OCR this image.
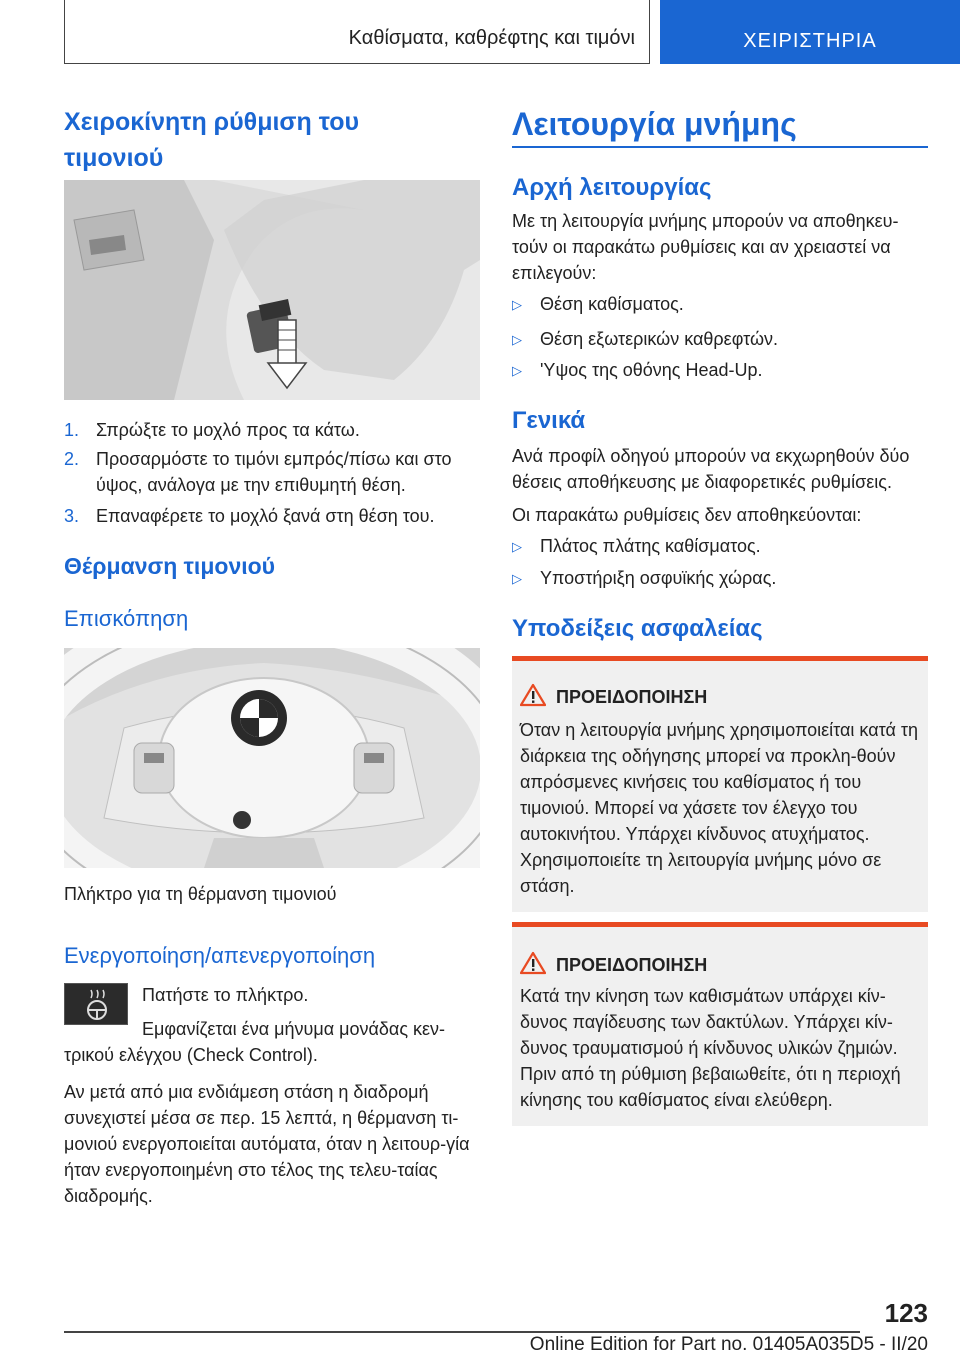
Καθίσματα, καθρέφτης και τιμόνι	ΧΕΙΡΙΣΤΗΡΙΑ
Χειροκίνητη ρύθμιση του τιμονιού
1. Σπρώξτε το μοχλό προς τα κάτω.
2. Προσαρμόστε το τιμόνι εμπρός/πίσω και στο ύψος, ανάλογα με την επιθυμητή θέση.
3. Επαναφέρετε το μοχλό ξανά στη θέση του.
Θέρμανση τιμονιού
Επισκόπηση
Πλήκτρο για τη θέρμανση τιμονιού
Ενεργοποίηση/απενεργοποίηση
Πατήστε το πλήκτρο.
Εμφανίζεται ένα μήνυμα μονάδας κεν-
τρικού ελέγχου (Check Control).
Αν μετά από μια ενδιάμεση στάση η διαδρομή συνεχιστεί μέσα σε περ. 15 λεπτά, η θέρμανση τι-μονιού ενεργοποιείται αυτόματα, όταν η λειτουρ-γία ήταν ενεργοποιημένη στο τέλος της τελευ-ταίας διαδρομής.
Λειτουργία μνήμης
Αρχή λειτουργίας
Με τη λειτουργία μνήμης μπορούν να αποθηκευ-τούν οι παρακάτω ρυθμίσεις και αν χρειαστεί να επιλεγούν:
▷ Θέση καθίσματος.
▷ Θέση εξωτερικών καθρεφτών.
▷ 'Υψος της οθόνης Head-Up.
Γενικά
Ανά προφίλ οδηγού μπορούν να εκχωρηθούν δύο θέσεις αποθήκευσης με διαφορετικές ρυθμίσεις.
Οι παρακάτω ρυθμίσεις δεν αποθηκεύονται:
▷ Πλάτος πλάτης καθίσματος.
▷ Υποστήριξη οσφυϊκής χώρας.
Υποδείξεις ασφαλείας
ΠΡΟΕΙΔΟΠΟΙΗΣΗ
Όταν η λειτουργία μνήμης χρησιμοποιείται κατά τη διάρκεια της οδήγησης μπορεί να προκλη-θούν απρόσμενες κινήσεις του καθίσματος ή του τιμονιού. Μπορεί να χάσετε τον έλεγχο του αυτοκινήτου. Υπάρχει κίνδυνος ατυχήματος. Χρησιμοποιείτε τη λειτουργία μνήμης μόνο σε στάση.
ΠΡΟΕΙΔΟΠΟΙΗΣΗ
Κατά την κίνηση των καθισμάτων υπάρχει κίν-δυνος παγίδευσης των δακτύλων. Υπάρχει κίν-δυνος τραυματισμού ή κίνδυνος υλικών ζημιών. Πριν από τη ρύθμιση βεβαιωθείτε, ότι η περιοχή κίνησης του καθίσματος είναι ελεύθερη.
123
Online Edition for Part no. 01405A035D5 - II/20
